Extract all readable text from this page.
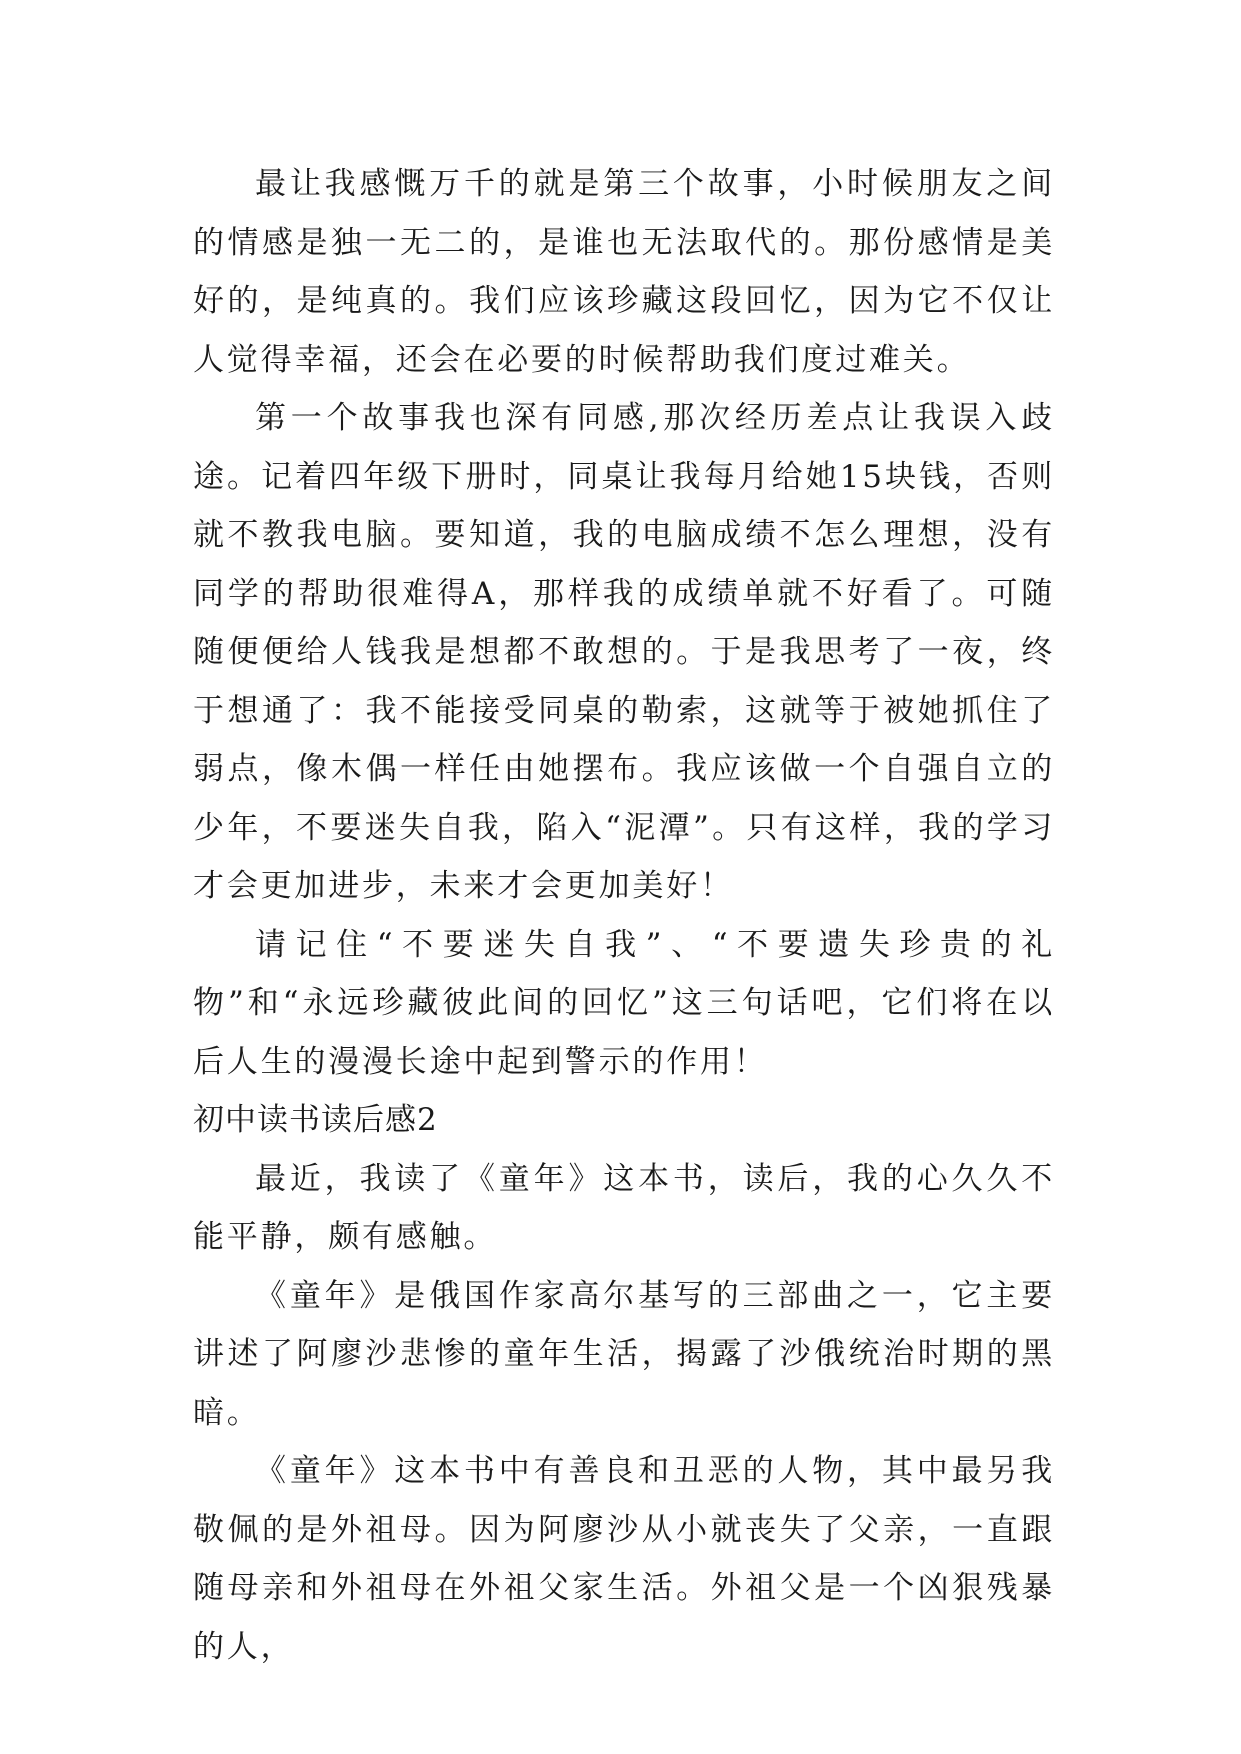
最让我感慨万千的就是第三个故事，小时候朋友之间的情感是独一无二的，是谁也无法取代的。那份感情是美好的，是纯真的。我们应该珍藏这段回忆，因为它不仅让人觉得幸福，还会在必要的时候帮助我们度过难关。

第一个故事我也深有同感,那次经历差点让我误入歧途。记着四年级下册时，同桌让我每月给她15块钱，否则就不教我电脑。要知道，我的电脑成绩不怎么理想，没有同学的帮助很难得A，那样我的成绩单就不好看了。可随随便便给人钱我是想都不敢想的。于是我思考了一夜，终于想通了：我不能接受同桌的勒索，这就等于被她抓住了弱点，像木偶一样任由她摆布。我应该做一个自强自立的少年，不要迷失自我，陷入“泥潭”。只有这样，我的学习才会更加进步，未来才会更加美好！

请记住“不要迷失自我”、“不要遗失珍贵的礼物”和“永远珍藏彼此间的回忆”这三句话吧，它们将在以后人生的漫漫长途中起到警示的作用！

初中读书读后感2

最近，我读了《童年》这本书，读后，我的心久久不能平静，颇有感触。

《童年》是俄国作家高尔基写的三部曲之一，它主要讲述了阿廖沙悲惨的童年生活，揭露了沙俄统治时期的黑暗。

《童年》这本书中有善良和丑恶的人物，其中最另我敬佩的是外祖母。因为阿廖沙从小就丧失了父亲，一直跟随母亲和外祖母在外祖父家生活。外祖父是一个凶狠残暴的人，
